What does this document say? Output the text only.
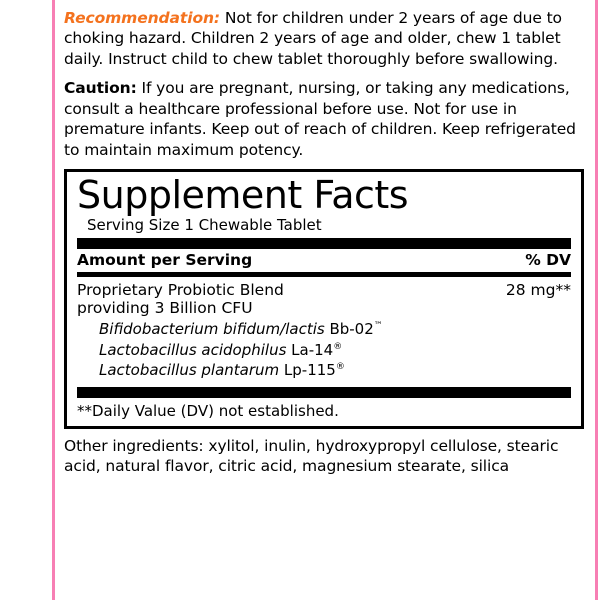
Recommendation: Not for children under 2 years of age due to choking hazard. Children 2 years of age and older, chew 1 tablet daily. Instruct child to chew tablet thoroughly before swallowing.

Caution: If you are pregnant, nursing, or taking any medications, consult a healthcare professional before use. Not for use in premature infants. Keep out of reach of children. Keep refrigerated to maintain maximum potency.

Supplement Facts
Serving Size 1 Chewable Tablet
Amount per Serving	% DV
Proprietary Probiotic Blend	28 mg**
providing 3 Billion CFU
Bifidobacterium bifidum/lactis Bb-02™
Lactobacillus acidophilus La-14®
Lactobacillus plantarum Lp-115®
**Daily Value (DV) not established.

Other ingredients: xylitol, inulin, hydroxypropyl cellulose, stearic acid, natural flavor, citric acid, magnesium stearate, silica
